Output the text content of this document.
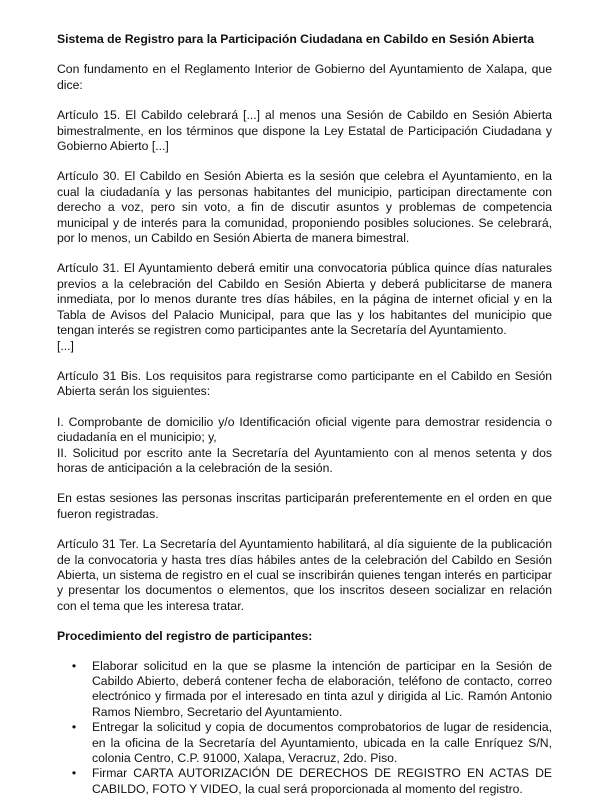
Sistema de Registro para la Participación Ciudadana en Cabildo en Sesión Abierta

Con fundamento en el Reglamento Interior de Gobierno del Ayuntamiento de Xalapa, que dice:

Artículo 15. El Cabildo celebrará [...] al menos una Sesión de Cabildo en Sesión Abierta bimestralmente, en los términos que dispone la Ley Estatal de Participación Ciudadana y Gobierno Abierto [...]

Artículo 30. El Cabildo en Sesión Abierta es la sesión que celebra el Ayuntamiento, en la cual la ciudadanía y las personas habitantes del municipio, participan directamente con derecho a voz, pero sin voto, a fin de discutir asuntos y problemas de competencia municipal y de interés para la comunidad, proponiendo posibles soluciones. Se celebrará, por lo menos, un Cabildo en Sesión Abierta de manera bimestral.

Artículo 31. El Ayuntamiento deberá emitir una convocatoria pública quince días naturales previos a la celebración del Cabildo en Sesión Abierta y deberá publicitarse de manera inmediata, por lo menos durante tres días hábiles, en la página de internet oficial y en la Tabla de Avisos del Palacio Municipal, para que las y los habitantes del municipio que tengan interés se registren como participantes ante la Secretaría del Ayuntamiento.
[...]

Artículo 31 Bis. Los requisitos para registrarse como participante en el Cabildo en Sesión Abierta serán los siguientes:

I. Comprobante de domicilio y/o Identificación oficial vigente para demostrar residencia o ciudadanía en el municipio; y,
II. Solicitud por escrito ante la Secretaría del Ayuntamiento con al menos setenta y dos horas de anticipación a la celebración de la sesión.

En estas sesiones las personas inscritas participarán preferentemente en el orden en que fueron registradas.

Artículo 31 Ter. La Secretaría del Ayuntamiento habilitará, al día siguiente de la publicación de la convocatoria y hasta tres días hábiles antes de la celebración del Cabildo en Sesión Abierta, un sistema de registro en el cual se inscribirán quienes tengan interés en participar y presentar los documentos o elementos, que los inscritos deseen socializar en relación con el tema que les interesa tratar.

Procedimiento del registro de participantes:
• Elaborar solicitud en la que se plasme la intención de participar en la Sesión de Cabildo Abierto, deberá contener fecha de elaboración, teléfono de contacto, correo electrónico y firmada por el interesado en tinta azul y dirigida al Lic. Ramón Antonio Ramos Niembro, Secretario del Ayuntamiento.
• Entregar la solicitud y copia de documentos comprobatorios de lugar de residencia, en la oficina de la Secretaría del Ayuntamiento, ubicada en la calle Enríquez S/N, colonia Centro, C.P. 91000, Xalapa, Veracruz, 2do. Piso.
• Firmar CARTA AUTORIZACIÓN DE DERECHOS DE REGISTRO EN ACTAS DE CABILDO, FOTO Y VIDEO, la cual será proporcionada al momento del registro.
